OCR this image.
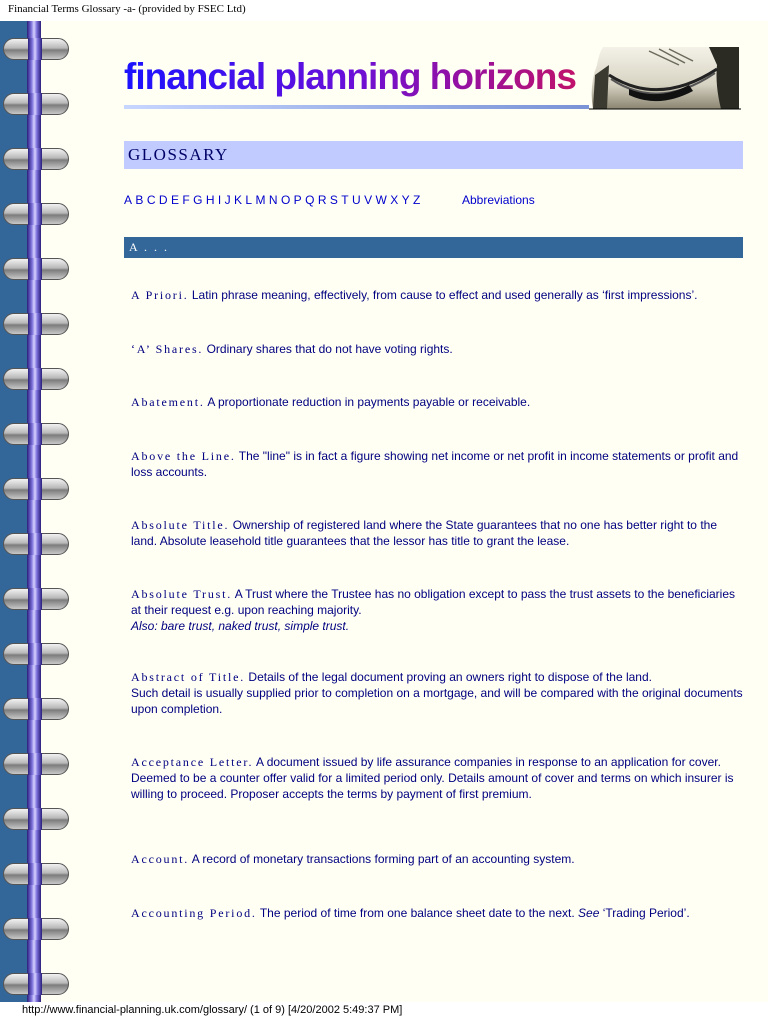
Financial Terms Glossary -a- (provided by FSEC Ltd)
financial planning horizons
GLOSSARY
A B C D E F G H I J K L M N O P Q R S T U V W X Y Z	Abbreviations
A . . .
A Priori. Latin phrase meaning, effectively, from cause to effect and used generally as ‘first impressions’.
‘A’ Shares. Ordinary shares that do not have voting rights.
Abatement. A proportionate reduction in payments payable or receivable.
Above the Line. The "line" is in fact a figure showing net income or net profit in income statements or profit and loss accounts.
Absolute Title. Ownership of registered land where the State guarantees that no one has better right to the land. Absolute leasehold title guarantees that the lessor has title to grant the lease.
Absolute Trust. A Trust where the Trustee has no obligation except to pass the trust assets to the beneficiaries at their request e.g. upon reaching majority.
Also: bare trust, naked trust, simple trust.
Abstract of Title. Details of the legal document proving an owners right to dispose of the land.
Such detail is usually supplied prior to completion on a mortgage, and will be compared with the original documents upon completion.
Acceptance Letter. A document issued by life assurance companies in response to an application for cover. Deemed to be a counter offer valid for a limited period only. Details amount of cover and terms on which insurer is willing to proceed. Proposer accepts the terms by payment of first premium.
Account. A record of monetary transactions forming part of an accounting system.
Accounting Period. The period of time from one balance sheet date to the next. See ‘Trading Period’.
http://www.financial-planning.uk.com/glossary/ (1 of 9) [4/20/2002 5:49:37 PM]
